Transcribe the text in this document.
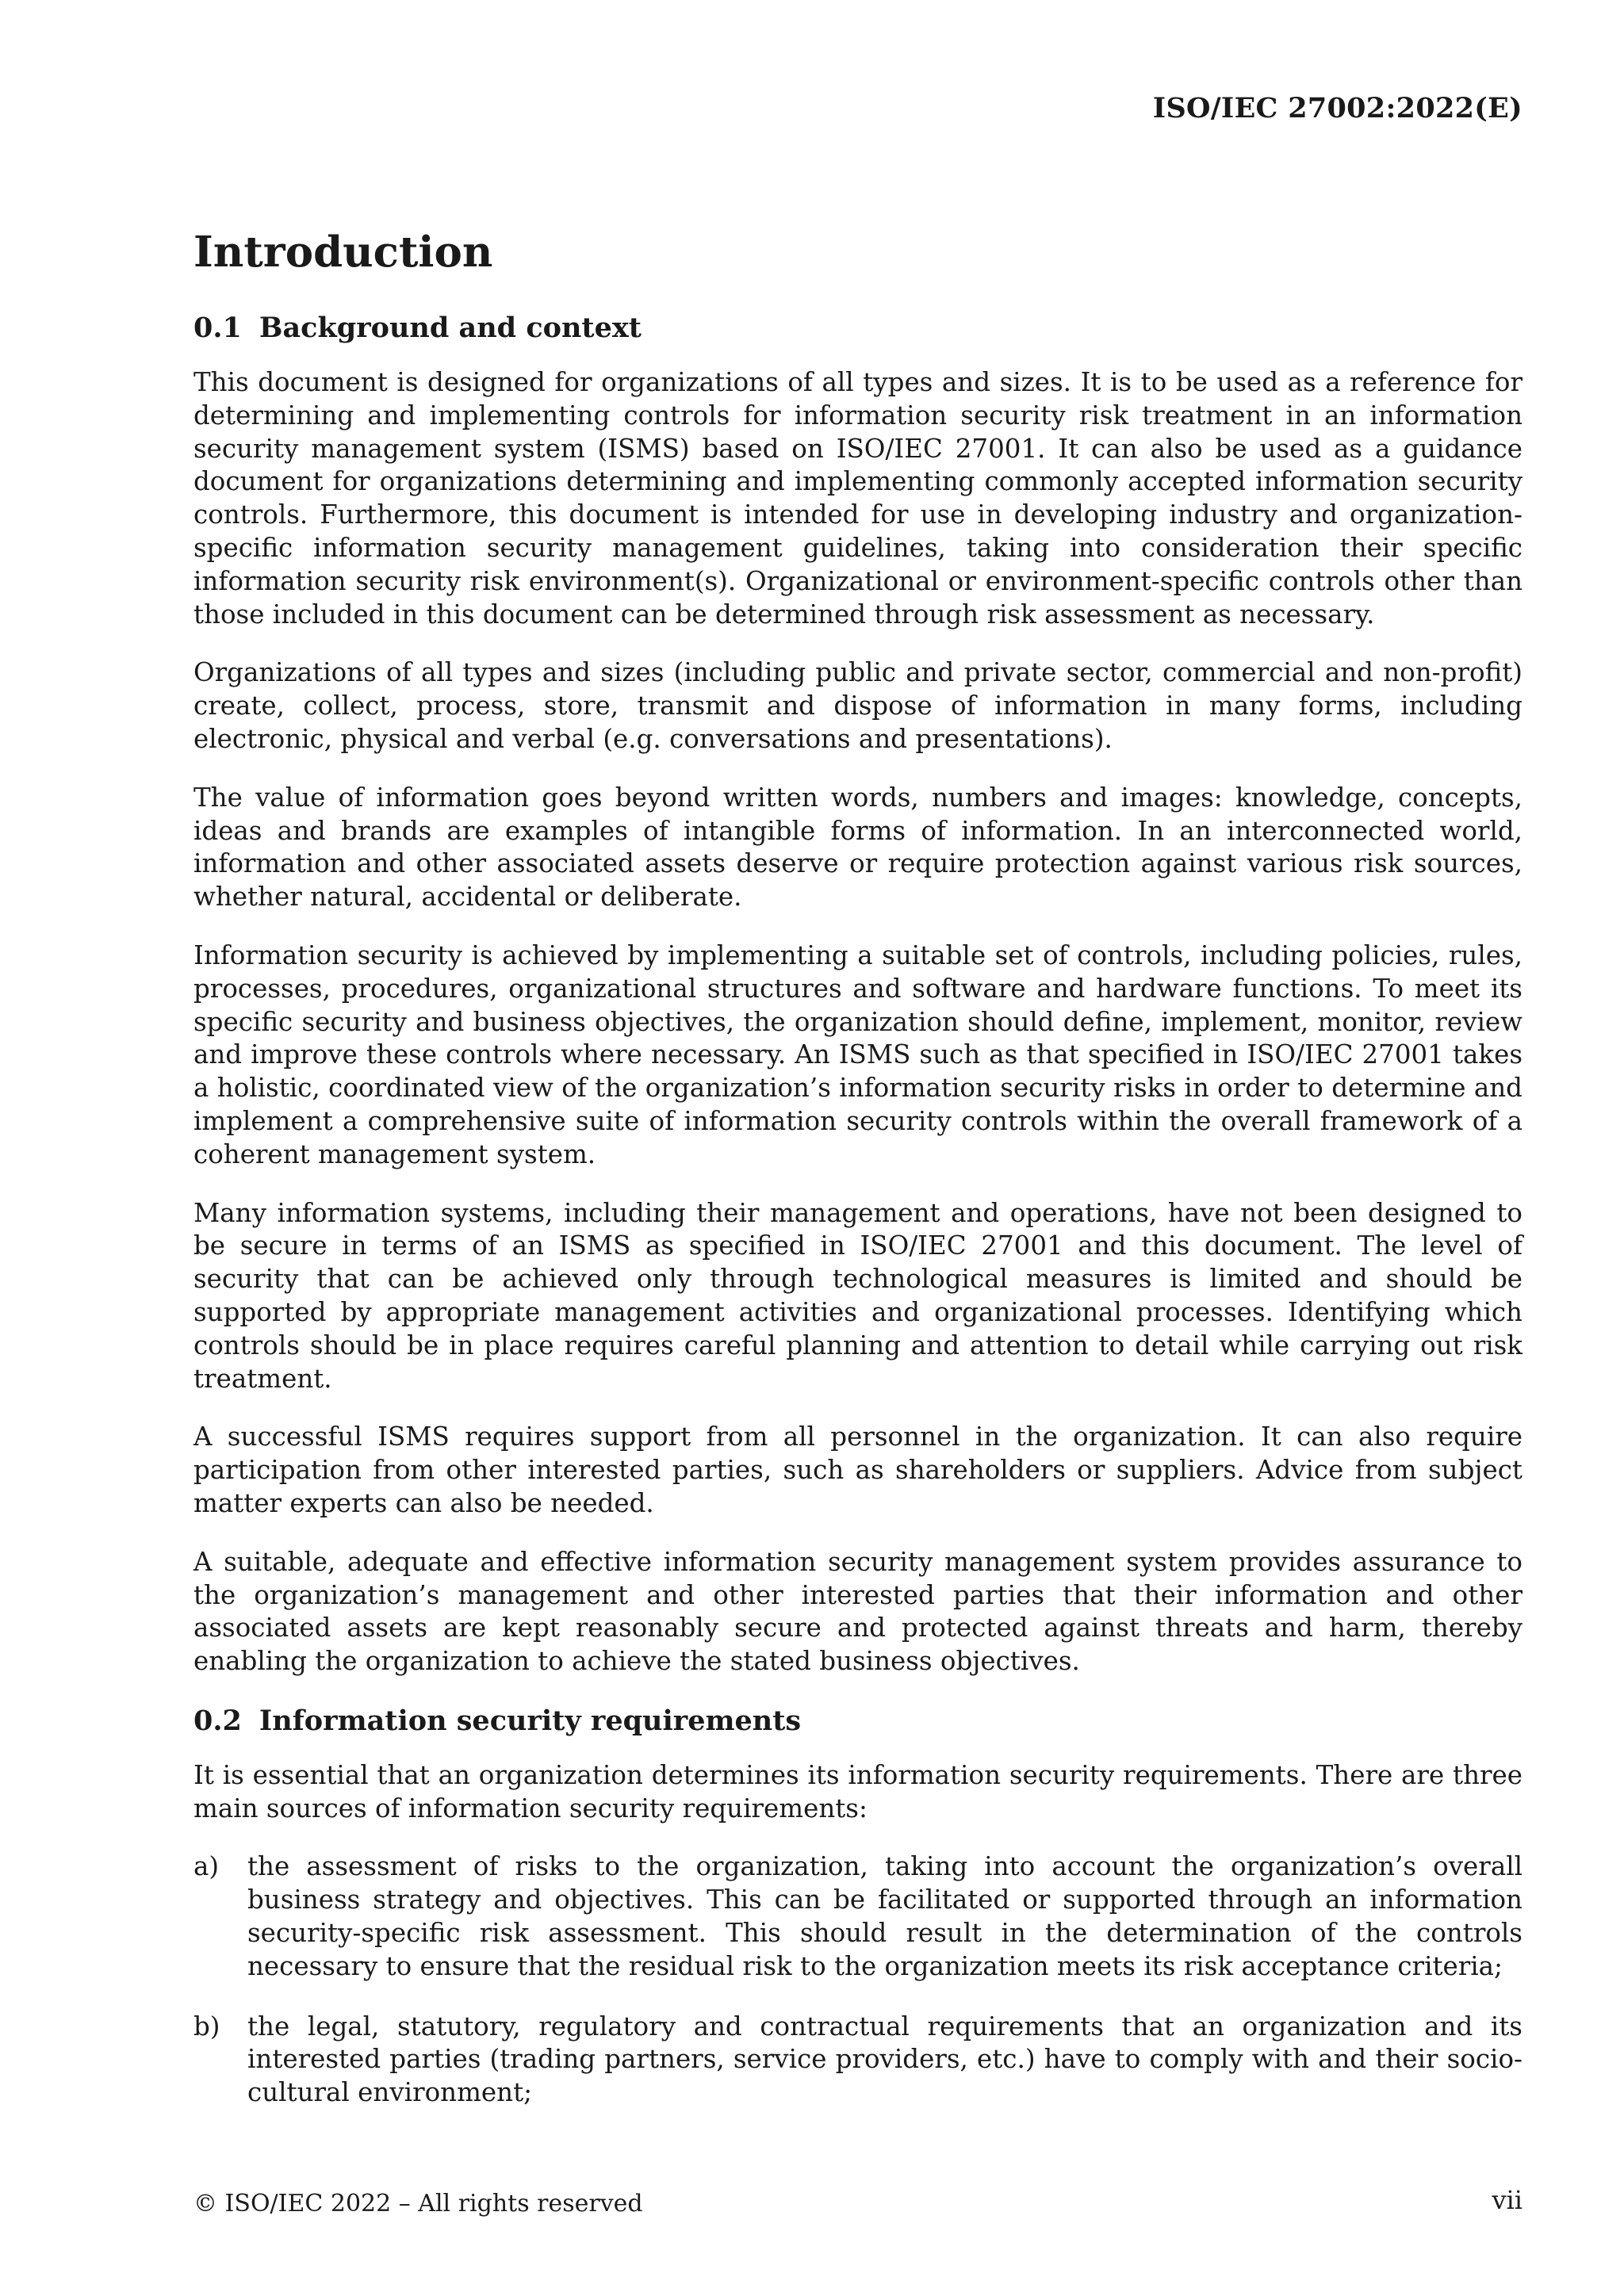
ISO/IEC 27002:2022(E)
Introduction
0.1 Background and context

This document is designed for organizations of all types and sizes. It is to be used as a reference for determining and implementing controls for information security risk treatment in an information security management system (ISMS) based on ISO/IEC 27001. It can also be used as a guidance document for organizations determining and implementing commonly accepted information security controls. Furthermore, this document is intended for use in developing industry and organization-specific information security management guidelines, taking into consideration their specific information security risk environment(s). Organizational or environment-specific controls other than those included in this document can be determined through risk assessment as necessary.

Organizations of all types and sizes (including public and private sector, commercial and non-profit) create, collect, process, store, transmit and dispose of information in many forms, including electronic, physical and verbal (e.g. conversations and presentations).

The value of information goes beyond written words, numbers and images: knowledge, concepts, ideas and brands are examples of intangible forms of information. In an interconnected world, information and other associated assets deserve or require protection against various risk sources, whether natural, accidental or deliberate.

Information security is achieved by implementing a suitable set of controls, including policies, rules, processes, procedures, organizational structures and software and hardware functions. To meet its specific security and business objectives, the organization should define, implement, monitor, review and improve these controls where necessary. An ISMS such as that specified in ISO/IEC 27001 takes a holistic, coordinated view of the organization’s information security risks in order to determine and implement a comprehensive suite of information security controls within the overall framework of a coherent management system.

Many information systems, including their management and operations, have not been designed to be secure in terms of an ISMS as specified in ISO/IEC 27001 and this document. The level of security that can be achieved only through technological measures is limited and should be supported by appropriate management activities and organizational processes. Identifying which controls should be in place requires careful planning and attention to detail while carrying out risk treatment.

A successful ISMS requires support from all personnel in the organization. It can also require participation from other interested parties, such as shareholders or suppliers. Advice from subject matter experts can also be needed.

A suitable, adequate and effective information security management system provides assurance to the organization’s management and other interested parties that their information and other associated assets are kept reasonably secure and protected against threats and harm, thereby enabling the organization to achieve the stated business objectives.

0.2 Information security requirements

It is essential that an organization determines its information security requirements. There are three main sources of information security requirements:

a)	the assessment of risks to the organization, taking into account the organization’s overall business strategy and objectives. This can be facilitated or supported through an information security-specific risk assessment. This should result in the determination of the controls necessary to ensure that the residual risk to the organization meets its risk acceptance criteria;
b)	the legal, statutory, regulatory and contractual requirements that an organization and its interested parties (trading partners, service providers, etc.) have to comply with and their socio-cultural environment;
© ISO/IEC 2022 – All rights reserved	vii
